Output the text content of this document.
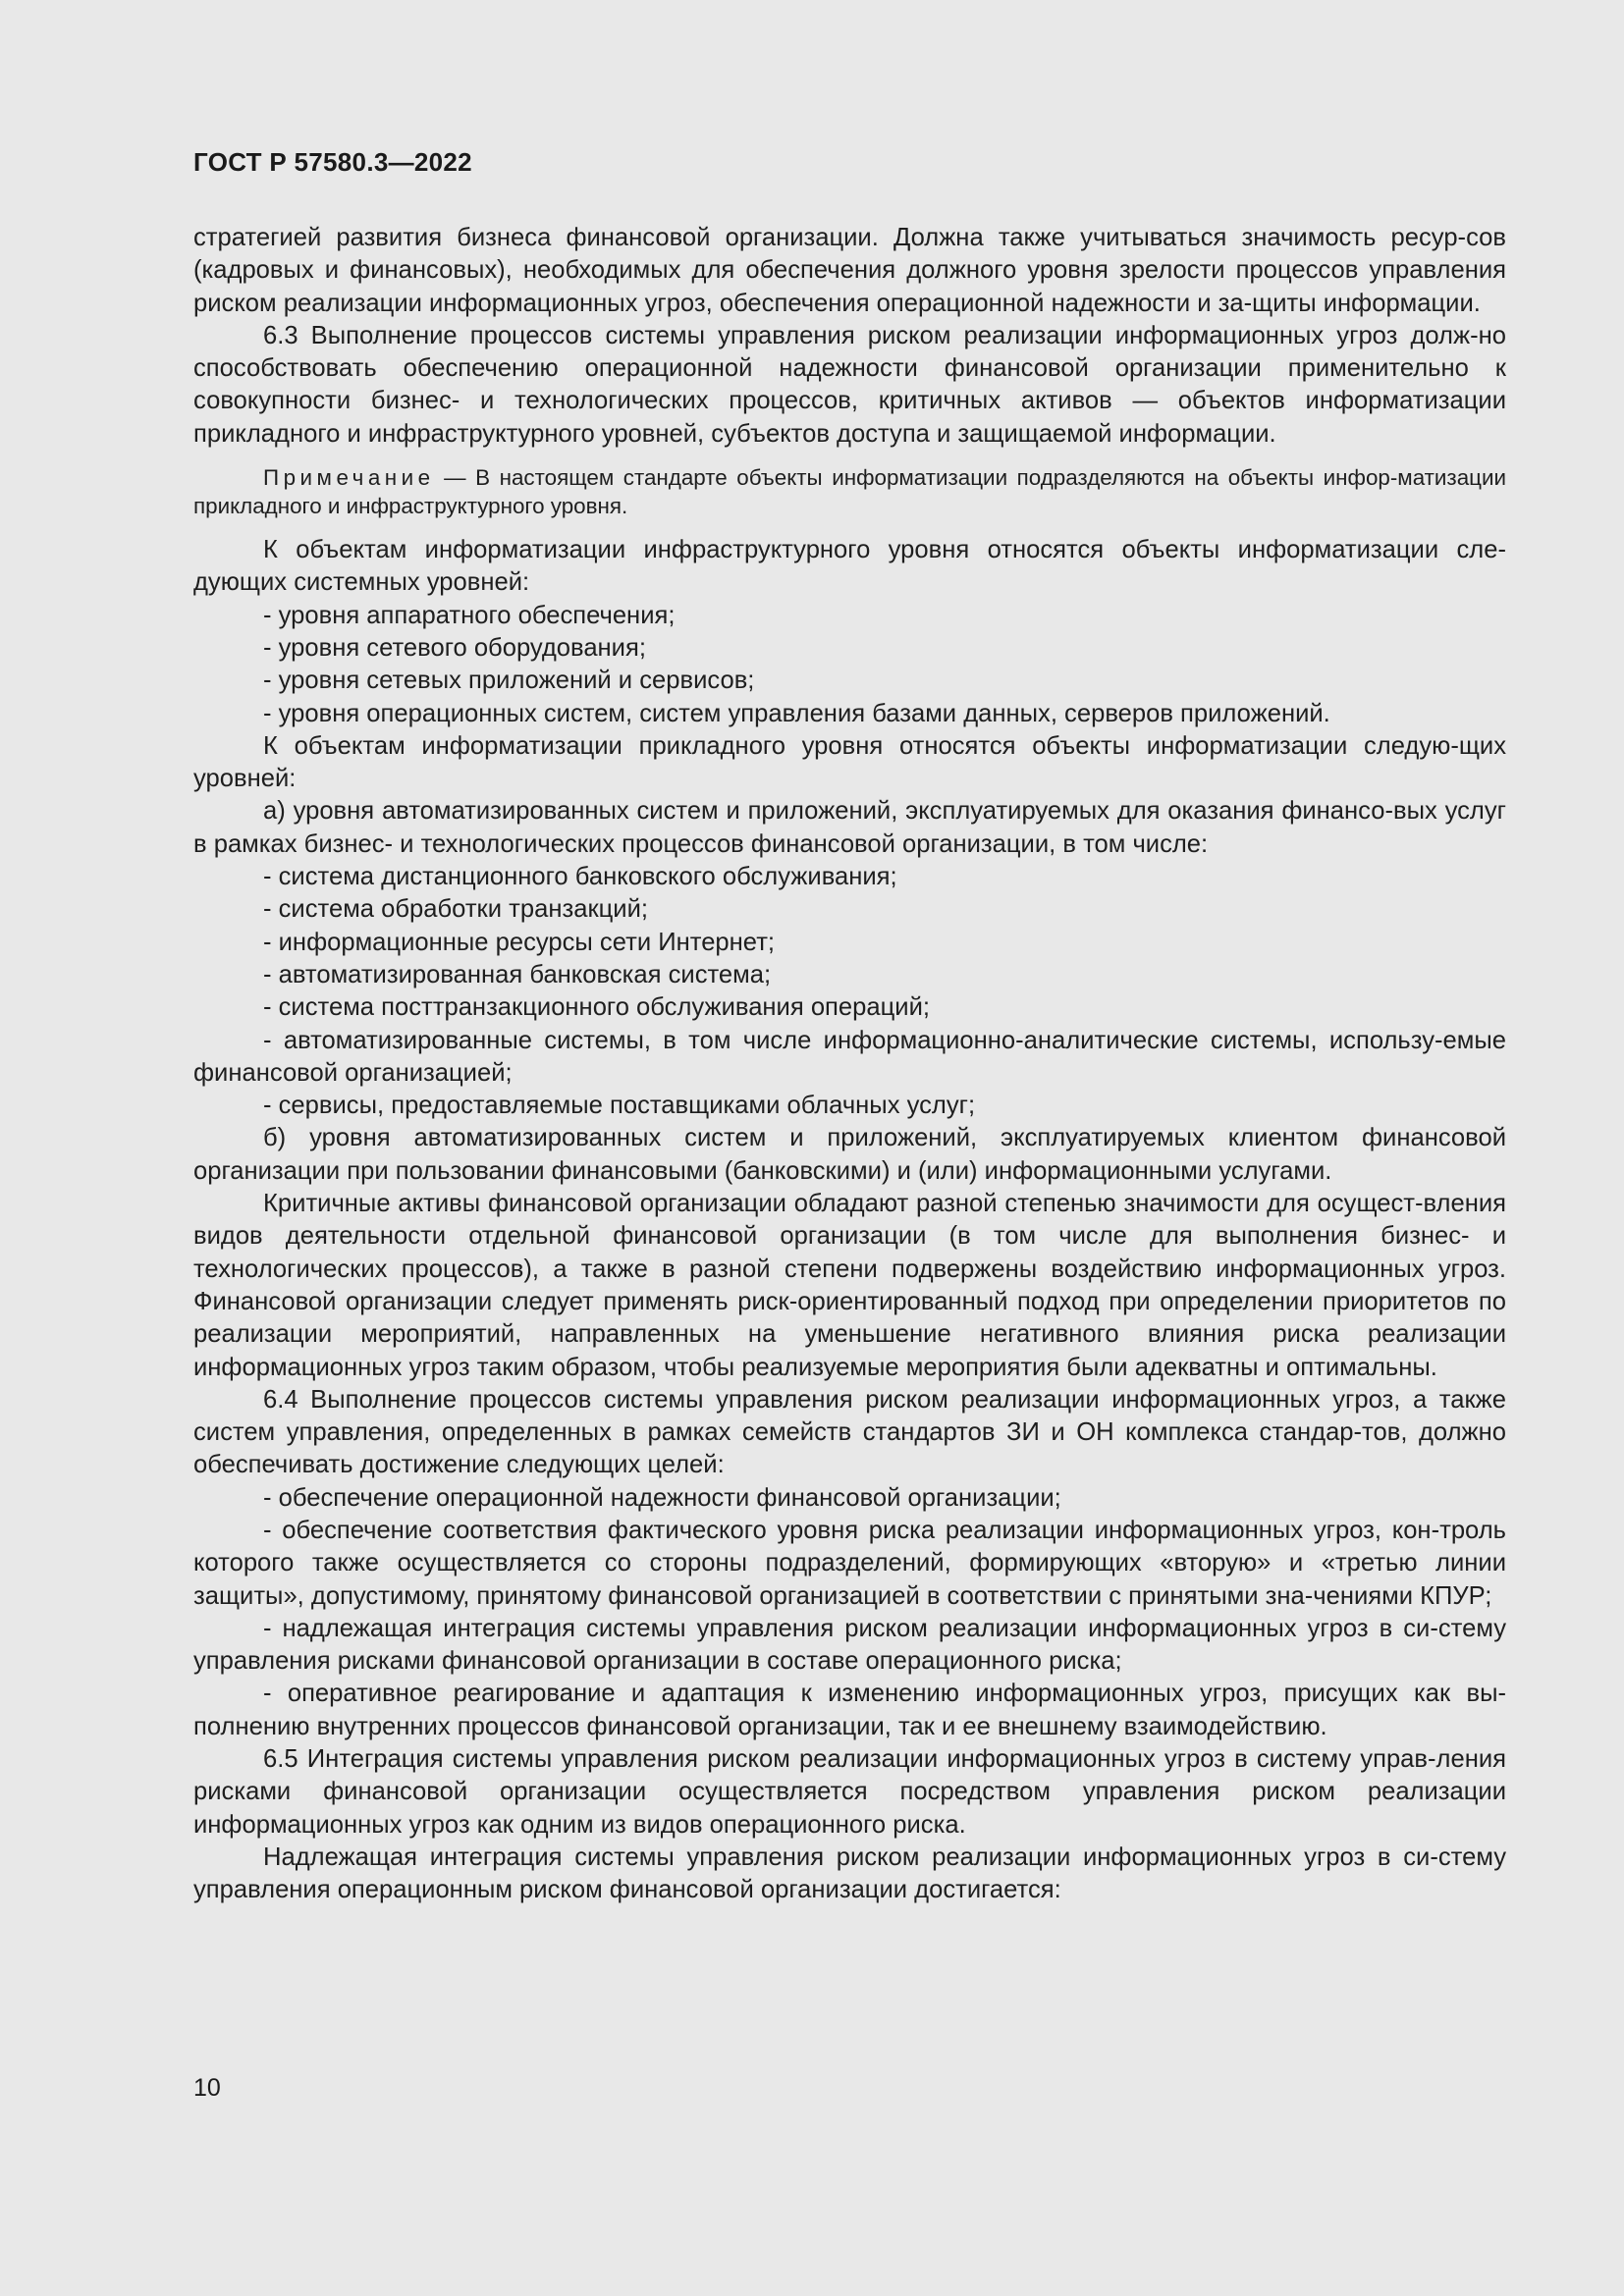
ГОСТ Р 57580.3—2022

стратегией развития бизнеса финансовой организации. Должна также учитываться значимость ресур-сов (кадровых и финансовых), необходимых для обеспечения должного уровня зрелости процессов управления риском реализации информационных угроз, обеспечения операционной надежности и за-щиты информации.

6.3 Выполнение процессов системы управления риском реализации информационных угроз долж-но способствовать обеспечению операционной надежности финансовой организации применительно к совокупности бизнес- и технологических процессов, критичных активов — объектов информатизации прикладного и инфраструктурного уровней, субъектов доступа и защищаемой информации.

Примечание — В настоящем стандарте объекты информатизации подразделяются на объекты инфор-матизации прикладного и инфраструктурного уровня.

К объектам информатизации инфраструктурного уровня относятся объекты информатизации сле-дующих системных уровней:

- уровня аппаратного обеспечения;

- уровня сетевого оборудования;

- уровня сетевых приложений и сервисов;

- уровня операционных систем, систем управления базами данных, серверов приложений.

К объектам информатизации прикладного уровня относятся объекты информатизации следую-щих уровней:

а) уровня автоматизированных систем и приложений, эксплуатируемых для оказания финансо-вых услуг в рамках бизнес- и технологических процессов финансовой организации, в том числе:

- система дистанционного банковского обслуживания;

- система обработки транзакций;

- информационные ресурсы сети Интернет;

- автоматизированная банковская система;

- система посттранзакционного обслуживания операций;

- автоматизированные системы, в том числе информационно-аналитические системы, использу-емые финансовой организацией;

- сервисы, предоставляемые поставщиками облачных услуг;

б) уровня автоматизированных систем и приложений, эксплуатируемых клиентом финансовой организации при пользовании финансовыми (банковскими) и (или) информационными услугами.

Критичные активы финансовой организации обладают разной степенью значимости для осущест-вления видов деятельности отдельной финансовой организации (в том числе для выполнения бизнес- и технологических процессов), а также в разной степени подвержены воздействию информационных угроз. Финансовой организации следует применять риск-ориентированный подход при определении приоритетов по реализации мероприятий, направленных на уменьшение негативного влияния риска реализации информационных угроз таким образом, чтобы реализуемые мероприятия были адекватны и оптимальны.

6.4 Выполнение процессов системы управления риском реализации информационных угроз, а также систем управления, определенных в рамках семейств стандартов ЗИ и ОН комплекса стандар-тов, должно обеспечивать достижение следующих целей:

- обеспечение операционной надежности финансовой организации;

- обеспечение соответствия фактического уровня риска реализации информационных угроз, кон-троль которого также осуществляется со стороны подразделений, формирующих «вторую» и «третью линии защиты», допустимому, принятому финансовой организацией в соответствии с принятыми зна-чениями КПУР;

- надлежащая интеграция системы управления риском реализации информационных угроз в си-стему управления рисками финансовой организации в составе операционного риска;

- оперативное реагирование и адаптация к изменению информационных угроз, присущих как вы-полнению внутренних процессов финансовой организации, так и ее внешнему взаимодействию.

6.5 Интеграция системы управления риском реализации информационных угроз в систему управ-ления рисками финансовой организации осуществляется посредством управления риском реализации информационных угроз как одним из видов операционного риска.

Надлежащая интеграция системы управления риском реализации информационных угроз в си-стему управления операционным риском финансовой организации достигается:

10
